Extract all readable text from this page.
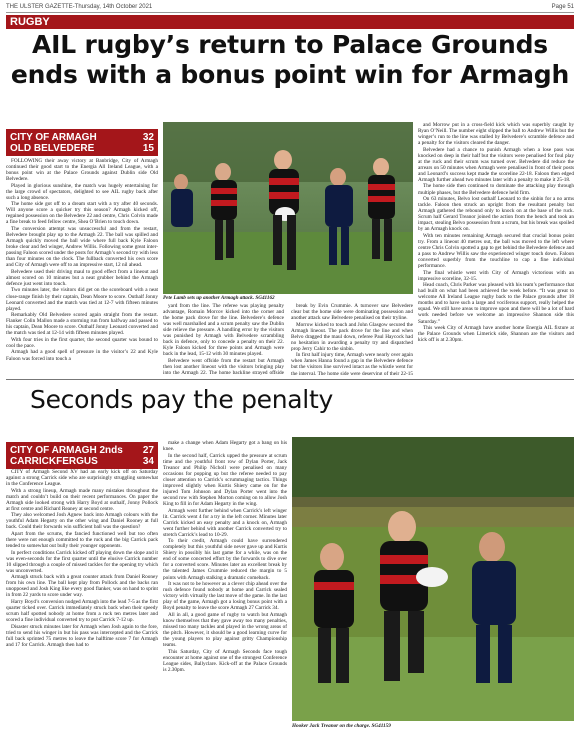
THE ULSTER GAZETTE-Thursday, 14th October 2021	Page 51
RUGBY
AIL rugby’s return to Palace Grounds ends with a bonus point win for Armagh
CITY OF ARMAGH	32
OLD BELVEDERE	15

FOLLOWING their away victory at Banbridge, City of Armagh continued their good start to the Energia All Ireland League, with a bonus point win at the Palace Grounds against Dublin side Old Belvedere.

Played in glorious sunshine, the match was hugely entertaining for the large crowd of spectators, delighted to see AIL rugby back after such a long absence.

The home side got off to a dream start with a try after 40 seconds. Will anyone score a quicker try this season? Armagh kicked off, regained possession on the Belvedere 22 and centre, Chris Colvin made a fine break to feed fellow centre, Shea O’Brien to touch down.

The conversion attempt was unsuccessful and from the restart, Belvedere brought play up to the Armagh 22. The ball was spilled and Armagh quickly moved the ball wide where full back Kyle Faloon broke clear and fed winger, Andrew Willis. Following some great inter-passing Faloon scored under the posts for Armagh’s second try with less than four minutes on the clock. The fullback converted his own score and City of Armagh were off to an impressive start, 12 nil ahead.

Belvedere used their driving maul to good effect from a lineout and almost scored on 10 minutes but a neat grubber behind the Armagh defence just went into touch.

Two minutes later, the visitors did get on the scoreboard with a neat close-range finish by their captain, Dean Moore to score. Outhalf Jonny Leonard converted and the match was tied at 12-7 with fifteen minutes played.

Remarkably Old Belvedere scored again straight from the restart. Flanker Colin Mallon made a storming run from halfway and passed to his captain, Dean Moore to score. Outhalf Jonny Leonard converted and the match was tied at 12-14 with fifteen minutes played.

With four tries in the first quarter, the second quarter was bound to cool the pace.

Armagh had a good spell of pressure in the visitor’s 22 and Kyle Faloon was forced into touch a

Pete Lamb sets up another Armagh attack. SG41162

yard from the line. The referee was playing penalty advantage, Romain Morcov kicked into the corner and the home pack drove for the line. Belvedere’s defence was well marshalled and a scrum penalty saw the Dublin side relieve the pressure. A handling error by the visitors was punished by Armagh with Belvedere scrambling back in defence, only to concede a penalty on their 22. Kyle Faloon kicked for three points and Armagh were back in the lead, 15-12 with 30 minutes played.

Belvedere went offside from the restart but Armagh then lost another lineout with the visitors bringing play into the Armagh 22. The home backline strayed offside

break by Evin Crummie. A turnover saw Belvedere clear but the home side were dominating possession and another attack saw Belvedere penalised on their tryline.

Morrow kicked to touch and John Glasgow secured the Armagh lineout. The pack drove for the line and when Belvo dragged the maul down, referee Paul Haycock had no hesitation in awarding a penalty try and dispatched prop Jerry Cahir to the sinbin.

In first half injury time, Armagh were nearly over again when James Hanna found a gap in the Belvedere defence but the visitors line survived intact as the whistle went for the interval. The home side were deserving of their 22-15

and Morrow put in a cross-field kick which was superbly caught by Ryan O’Neill. The number eight slipped the ball to Andrew Willis but the winger’s run to the line was stalled by Belvedere’s scramble defence and a penalty for the visitors cleared the danger.

Belvedere had a chance to punish Armagh when a lose pass was knocked on deep in their half but the visitors were penalised for foul play at the ruck and their scrum was turned over. Belvedere did reduce the arrears on 50 minutes when Armagh were penalised in front of their posts and Leonard’s success kept made the scoreline 22-18. Faloon then edged Armagh further ahead two minutes later with a penalty to make it 25-18.

The home side then continued to dominate the attacking play through multiple phases, but the Belvedere defence held firm.

On 63 minutes, Belvo lost outhalf Leonard to the sinbin for a no arms tackle. Faloon then struck an upright from the resultant penalty but Armagh gathered the rebound only to knock on at the base of the ruck. Scrum half Gerard Treanor joined the action from the bench and took an impact, stealing Belvo possession from a scrum, but his break was spoiled by an Armagh knock on.

With ten minutes remaining Armagh secured that crucial bonus point try. From a lineout 40 metres out, the ball was moved to the left where centre Chris Colvin spotted a gap to get behind the Belvedere defence and a pass to Andrew Willis saw the experienced winger touch down. Faloon converted superbly from the touchline to cap a fine individual performance.

The final whistle went with City of Armagh victorious with an impressive scoreline, 32-15.

Head coach, Chris Parker was pleased with his team’s performance that had built on what had been achieved the week before. “It was great to welcome All Ireland League rugby back to the Palace grounds after 18 months and to have such a large and vociferous support, really helped the squad. We still have areas to improve upon and there will be a lot of hard work needed before we welcome an impressive Shannon side this Saturday.”

This week City of Armagh have another home Energia AIL fixture at the Palace Grounds when Limerick side, Shannon are the visitors and kick off is at 2.30pm.

Seconds pay the penalty
CITY OF ARMAGH 2nds 27
CARRICKFERGUS	34

CITY of Armagh Second XV had an early kick off on Saturday against a strong Carrick side who are surprisingly struggling somewhat in the Conference League.

With a strong lineup, Armagh made many mistakes throughout the match and couldn’t build on their recent performances. On paper the Armagh side looked strong with Harry Boyd at outhalf, Jonny Pollock at first centre and Richard Reaney at second centre.

They also welcomed Josh Agnew back into Armagh colours with the youthful Adam Hegarty on the other wing and Daniel Rooney at full back. Could their forwards win sufficient ball was the question?

Apart from the scrums, the fancied functioned well but too often there were not enough committed to the ruck and the big Carrick pack tended to somewhat out bully their younger opponents.

In perfect conditions Carrick kicked off playing down the slope and it was even-seconds for the first quarter until the elusive Carrick number 10 slipped through a couple of missed tackles for the opening try which was unconverted.

Armagh struck back with a great counter attack from Daniel Rooney from his own line. The ball kept play from Pollock and the backs ran unopposed and Josh King like every good flanker, was on hand to sprint in from 22 yards to score under way.

Harry Boyd’s conversion nudged Armagh into the lead 7-5 as the first quarter ticked over. Carrick immediately struck back when their speedy scrum half spotted nobody at home from a ruck ten metres later and scored a fine individual converted try to put Carrick 7-12 up.

Disaster struck minutes later for Armagh when Josh again to the fore, tried to send his winger in but his pass was intercepted and the Carrick full back sprinted 75 metres to leave the halftime score 7 for Armagh and 17 for Carrick. Armagh then had to

make a change when Adam Hegarty got a bang on his knee.

In the second half, Carrick upped the pressure at scrum time and the youthful front row of Dylan Porter, Jack Treanor and Philip Nicholl were penalised on many occasions for popping up but the referee needed to pay closer attention to Carrick’s scrummaging tactics. Things improved slightly when Kurtis Shiery came on for the injured Tom Johnson and Dylan Porter went into the second row with Stephen Morton coming on to allow Josh King to fill in for Adam Hegarty in the wing.

Armagh went further behind when Carrick’s left winger lit. Carrick went 4 for a try in the left corner. Minutes later Carrick kicked an easy penalty and a knock on, Armagh went further behind with another Carrick converted try to stretch Carrick’s lead to 10-29.

To their credit, Armagh could have surrendered completely but this youthful side never gave up and Kurtis Shiery in possibly his last game for a while, was on the end of some concerted effort by the forwards to dive over for a converted score. Minutes later an excellent break by the talented James Crummie reduced the margin to 5 points with Armagh stalking a dramatic comeback.

It was not to be however as a clever chip ahead over the rush defence found nobody at home and Carrick sealed victory with virtually the last move of the game. In the last play of the game, Armagh got a losing bonus point with a Boyd penalty to leave the score Armagh 27 Carrick 34.

All in all, a good game of rugby to watch but Armagh know themselves that they gave away too many penalties, missed too many tackles and played in the wrong areas of the pitch. However, it should be a good learning curve for the young players to play against gritty Championship teams.

This Saturday, City of Armagh Seconds face tough encounter at home against one of the strongest Conference League sides, Ballyclare. Kick-off at the Palace Grounds is 2.30pm.

Hooker Jack Treanor on the charge. SG41159
